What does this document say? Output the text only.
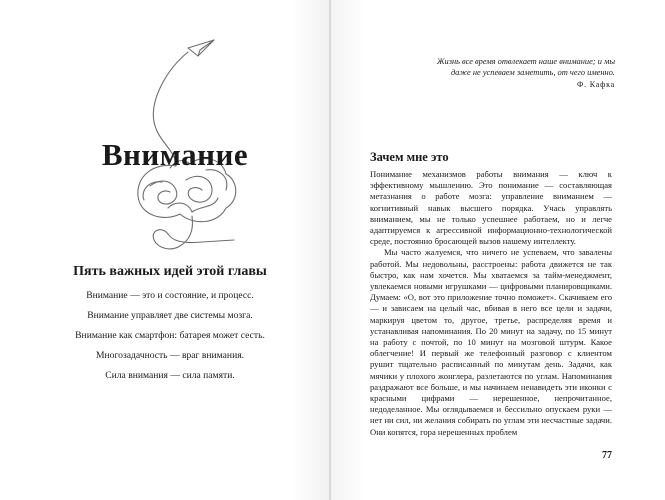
Внимание
Пять важных идей этой главы
Внимание — это и состояние, и процесс.
Внимание управляет две системы мозга.
Внимание как смартфон: батарея может сесть.
Многозадачность — враг внимания.
Сила внимания — сила памяти.
Жизнь все время отвлекает наше внимание; и мы даже не успеваем заметить, от чего именно.
Ф. Кафка
Зачем мне это

Понимание механизмов работы внимания — ключ к эффективному мышлению. Это понимание — составляющая метазнания о работе мозга: управление вниманием — когнитивный навык высшего порядка. Учась управлять вниманием, мы не только успешнее работаем, но и легче адаптируемся к агрессивной информационно-технологической среде, постоянно бросающей вызов нашему интеллекту.

Мы часто жалуемся, что ничего не успеваем, что завалены работой. Мы недовольны, расстроены: работа движется не так быстро, как нам хочется. Мы хватаемся за тайм-менеджмент, увлекаемся новыми игрушками — цифровыми планировщиками. Думаем: «О, вот это приложение точно поможет». Скачиваем его — и зависаем на целый час, вбивая в него все цели и задачи, маркируя цветом то, другое, третье, распределяя время и устанавливая напоминания. По 20 минут на задачу, по 15 минут на работу с почтой, по 10 минут на мозговой штурм. Какое облегчение! И первый же телефонный разговор с клиентом рушит тщательно расписанный по минутам день. Задачи, как мячики у плохого жонглера, разлетаются по углам. Напоминания раздражают все больше, и мы начинаем ненавидеть эти иконки с красными цифрами — нерешенное, непрочитанное, недоделанное. Мы оглядываемся и бессильно опускаем руки — нет ни сил, ни желания собирать по углам эти несчастные задачи. Они копятся, гора нерешенных проблем

77
